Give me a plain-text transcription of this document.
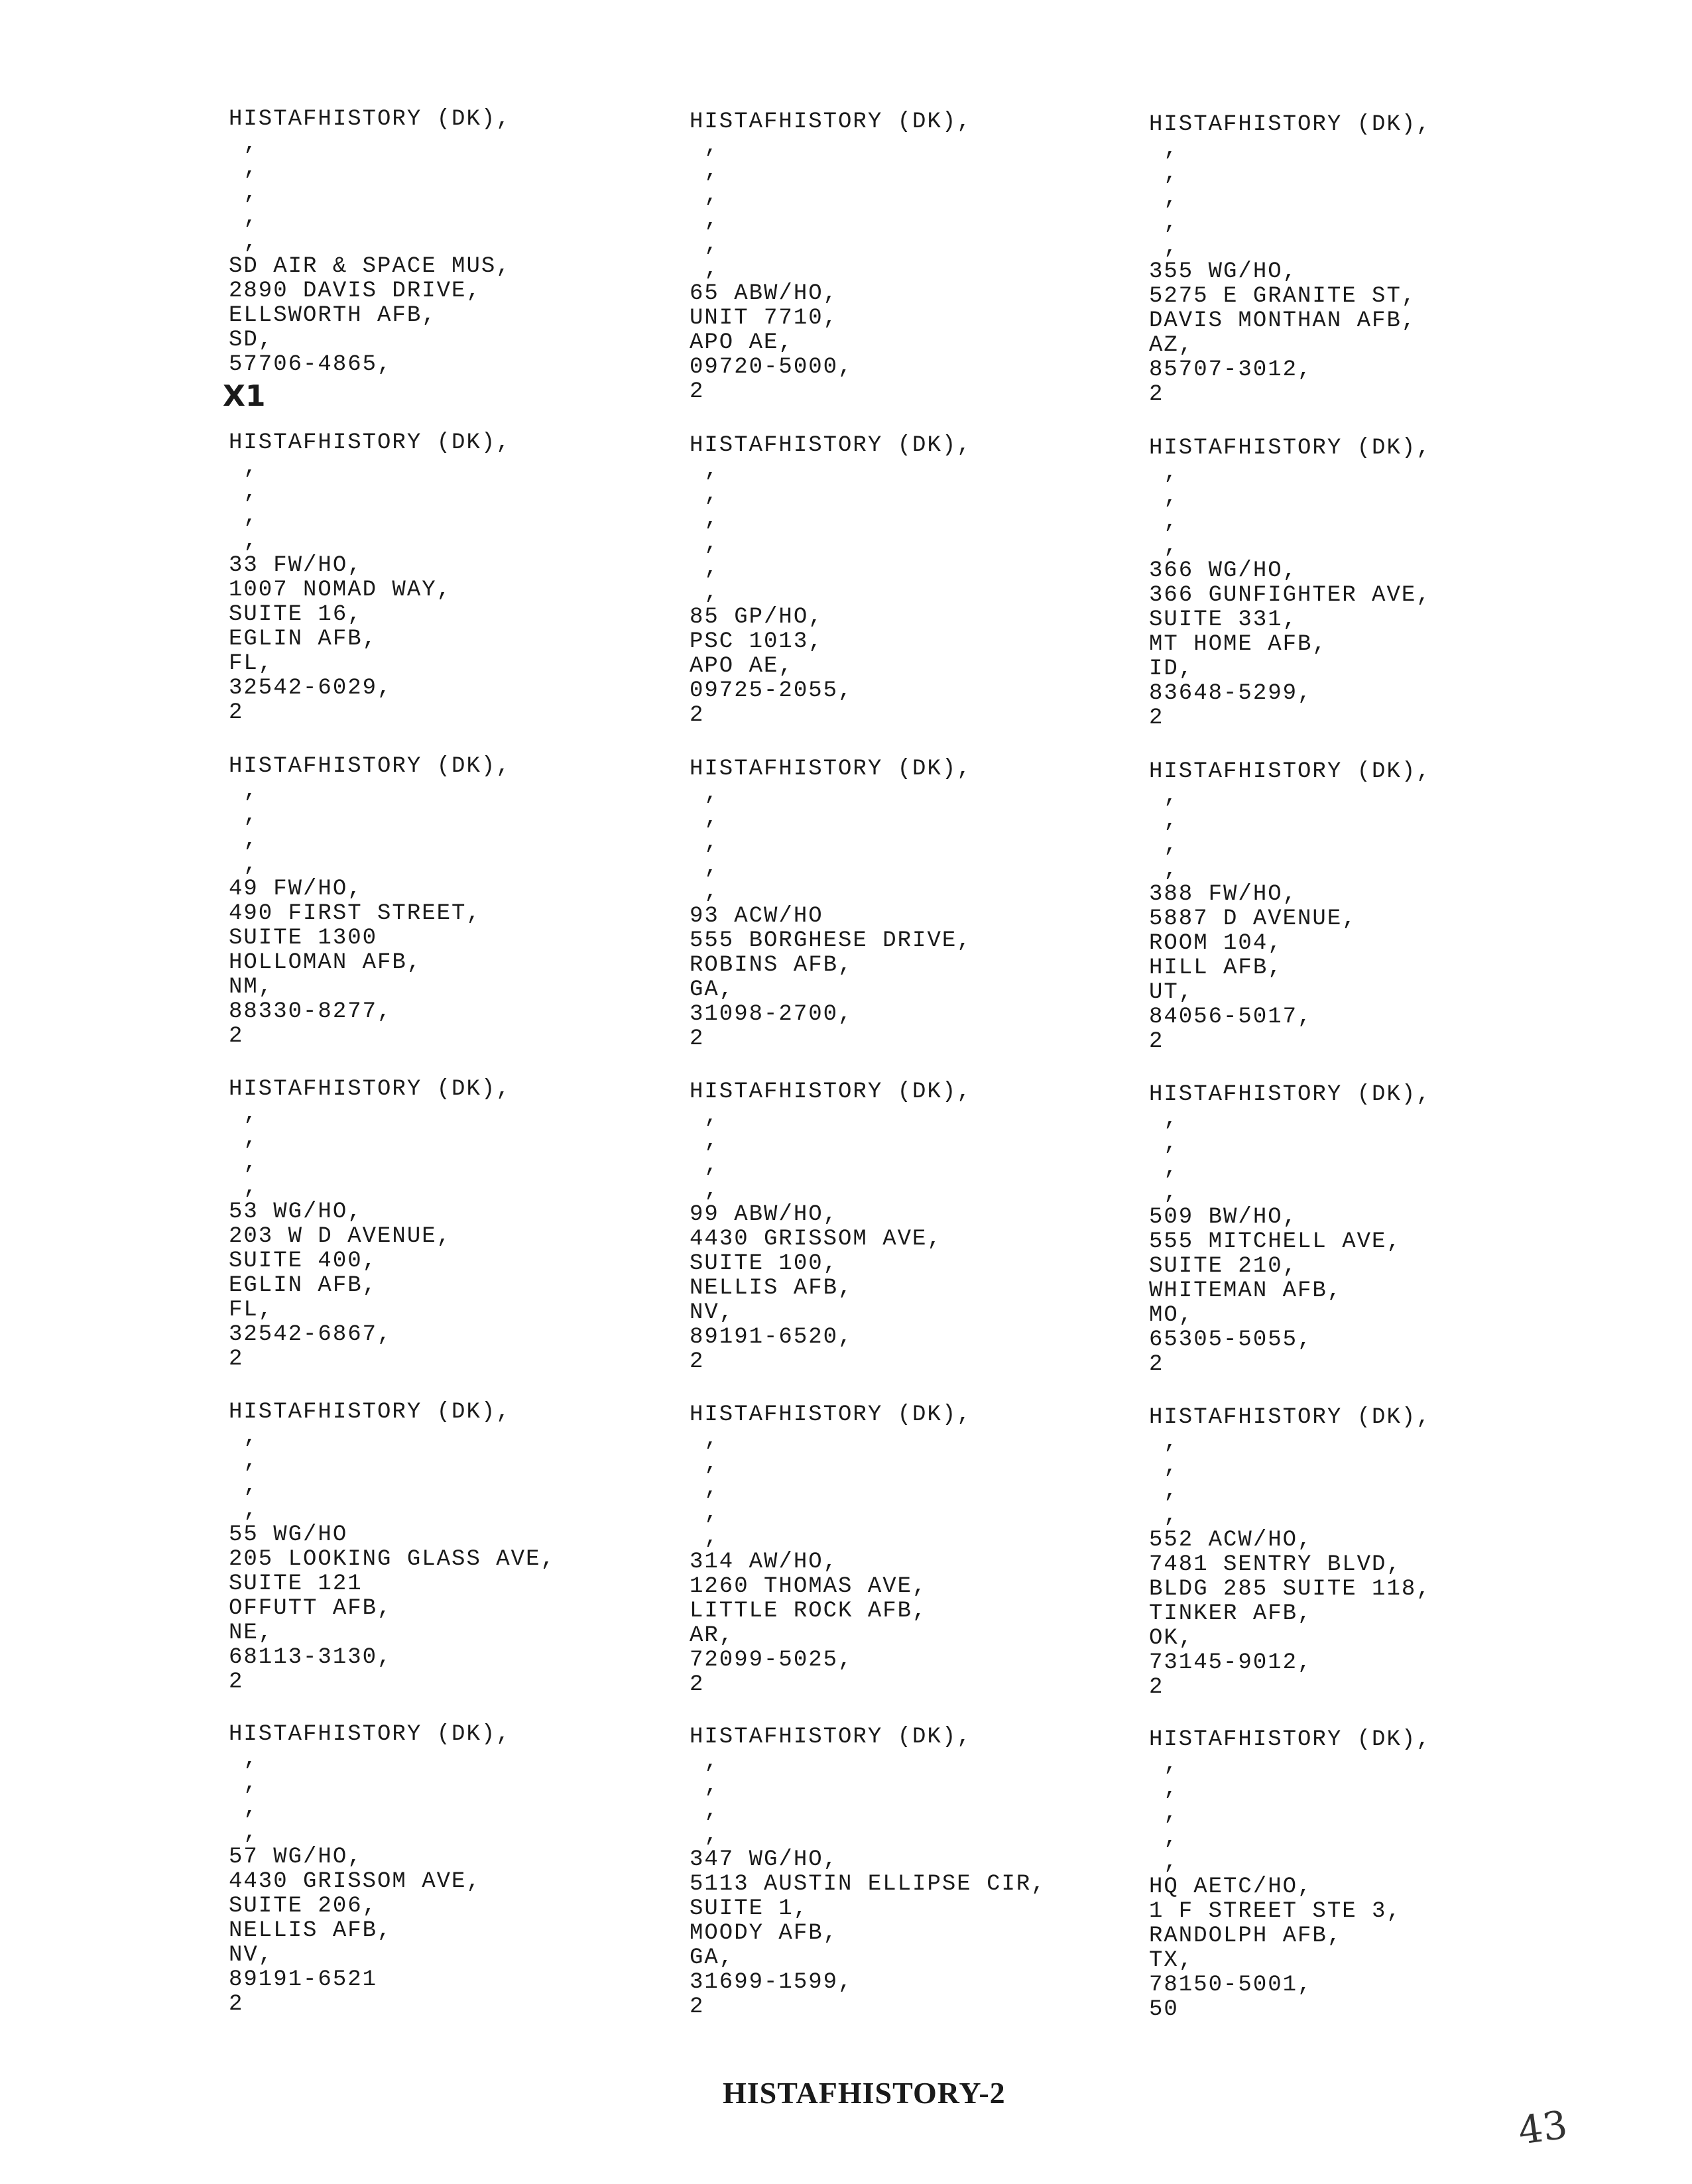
HISTAFHISTORY (DK),
,
,
,
,
,
SD AIR & SPACE MUS,
2890 DAVIS DRIVE,
ELLSWORTH AFB,
SD,
57706-4865,
HISTAFHISTORY (DK),
,
,
,
,
,
,
65 ABW/HO,
UNIT 7710,
APO AE,
09720-5000,
2
HISTAFHISTORY (DK),
,
,
,
,
,
355 WG/HO,
5275 E GRANITE ST,
DAVIS MONTHAN AFB,
AZ,
85707-3012,
2
HISTAFHISTORY (DK),
,
,
,
,
33 FW/HO,
1007 NOMAD WAY,
SUITE 16,
EGLIN AFB,
FL,
32542-6029,
2
HISTAFHISTORY (DK),
,
,
,
,
,
,
85 GP/HO,
PSC 1013,
APO AE,
09725-2055,
2
HISTAFHISTORY (DK),
,
,
,
,
366 WG/HO,
366 GUNFIGHTER AVE,
SUITE 331,
MT HOME AFB,
ID,
83648-5299,
2
HISTAFHISTORY (DK),
,
,
,
,
49 FW/HO,
490 FIRST STREET,
SUITE 1300
HOLLOMAN AFB,
NM,
88330-8277,
2
HISTAFHISTORY (DK),
,
,
,
,
,
93 ACW/HO
555 BORGHESE DRIVE,
ROBINS AFB,
GA,
31098-2700,
2
HISTAFHISTORY (DK),
,
,
,
,
388 FW/HO,
5887 D AVENUE,
ROOM 104,
HILL AFB,
UT,
84056-5017,
2
HISTAFHISTORY (DK),
,
,
,
,
53 WG/HO,
203 W D AVENUE,
SUITE 400,
EGLIN AFB,
FL,
32542-6867,
2
HISTAFHISTORY (DK),
,
,
,
,
99 ABW/HO,
4430 GRISSOM AVE,
SUITE 100,
NELLIS AFB,
NV,
89191-6520,
2
HISTAFHISTORY (DK),
,
,
,
,
509 BW/HO,
555 MITCHELL AVE,
SUITE 210,
WHITEMAN AFB,
MO,
65305-5055,
2
HISTAFHISTORY (DK),
,
,
,
,
55 WG/HO
205 LOOKING GLASS AVE,
SUITE 121
OFFUTT AFB,
NE,
68113-3130,
2
HISTAFHISTORY (DK),
,
,
,
,
,
314 AW/HO,
1260 THOMAS AVE,
LITTLE ROCK AFB,
AR,
72099-5025,
2
HISTAFHISTORY (DK),
,
,
,
,
552 ACW/HO,
7481 SENTRY BLVD,
BLDG 285 SUITE 118,
TINKER AFB,
OK,
73145-9012,
2
HISTAFHISTORY (DK),
,
,
,
,
57 WG/HO,
4430 GRISSOM AVE,
SUITE 206,
NELLIS AFB,
NV,
89191-6521
2
HISTAFHISTORY (DK),
,
,
,
,
347 WG/HO,
5113 AUSTIN ELLIPSE CIR,
SUITE 1,
MOODY AFB,
GA,
31699-1599,
2
HISTAFHISTORY (DK),
,
,
,
,
,
HQ AETC/HO,
1 F STREET STE 3,
RANDOLPH AFB,
TX,
78150-5001,
50
X1
HISTAFHISTORY-2
43
